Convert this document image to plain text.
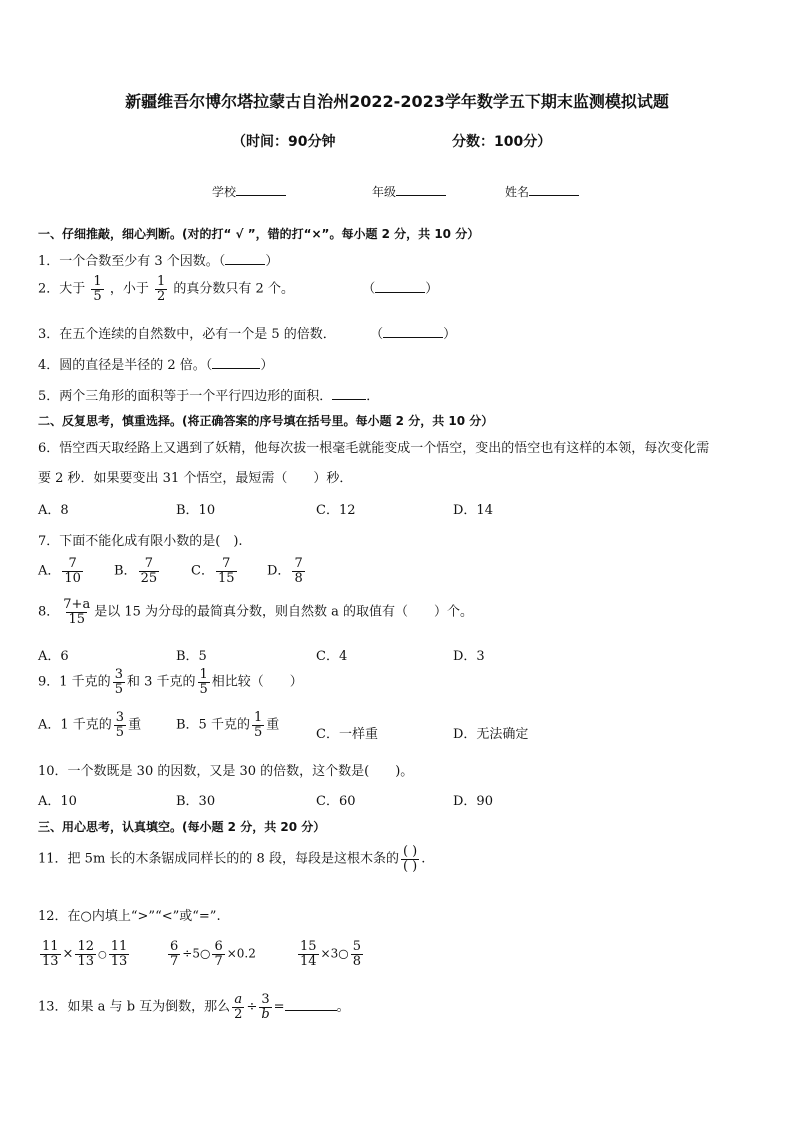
新疆维吾尔博尔塔拉蒙古自治州2022-2023学年数学五下期末监测模拟试题
（时间：90分钟	分数：100分）
学校	年级	姓名
一、仔细推敲，细心判断。(对的打“ √ ”，错的打“×”。每小题 2 分，共 10 分）
1．一个合数至少有 3 个因数。（	）
2．大于 $\frac{1}{5}$ ，小于 $\frac{1}{2}$ 的真分数只有 2 个。	（	）
3．在五个连续的自然数中，必有一个是 5 的倍数．	（	）
4．圆的直径是半径的 2 倍。（	）
5．两个三角形的面积等于一个平行四边形的面积．	．
二、反复思考，慎重选择。(将正确答案的序号填在括号里。每小题 2 分，共 10 分）
6．悟空西天取经路上又遇到了妖精，他每次拔一根毫毛就能变成一个悟空，变出的悟空也有这样的本领，每次变化需
要 2 秒．如果要变出 31 个悟空，最短需（　　）秒．
A．8	B．10	C．12	D．14
7．下面不能化成有限小数的是(　).
A． $\frac{7}{10}$ B． $\frac{7}{25}$ C． $\frac{7}{15}$ D． $\frac{7}{8}$
8． $\frac{7+a}{15}$ 是以 15 为分母的最简真分数，则自然数 a 的取值有（　　）个。
A．6	B．5	C．4	D．3
9．1 千克的 $\frac{3}{5}$ 和 3 千克的 $\frac{1}{5}$ 相比较（　　）
A．1 千克的 $\frac{3}{5}$ 重	B．5 千克的 $\frac{1}{5}$ 重
C．一样重	D．无法确定
10．一个数既是 30 的因数，又是 30 的倍数，这个数是(　　)。
A．10	B．30	C．60	D．90
三、用心思考，认真填空。(每小题 2 分，共 20 分）
11．把 5m 长的木条锯成同样长的的 8 段，每段是这根木条的 $\frac{( )}{( )}$ .
12．在○内填上“>”“<”或“=”.
$\frac{11}{13} \times \frac{12}{13}$ ○ $\frac{11}{13}$	$\frac{6}{7}$ ÷5○ $\frac{6}{7} \times 0.2$	$\frac{15}{14}$ ×3○ $\frac{5}{8}$
13．如果 a 与 b 互为倒数，那么 $\frac{a}{2} \div \frac{3}{b}$ =	。
